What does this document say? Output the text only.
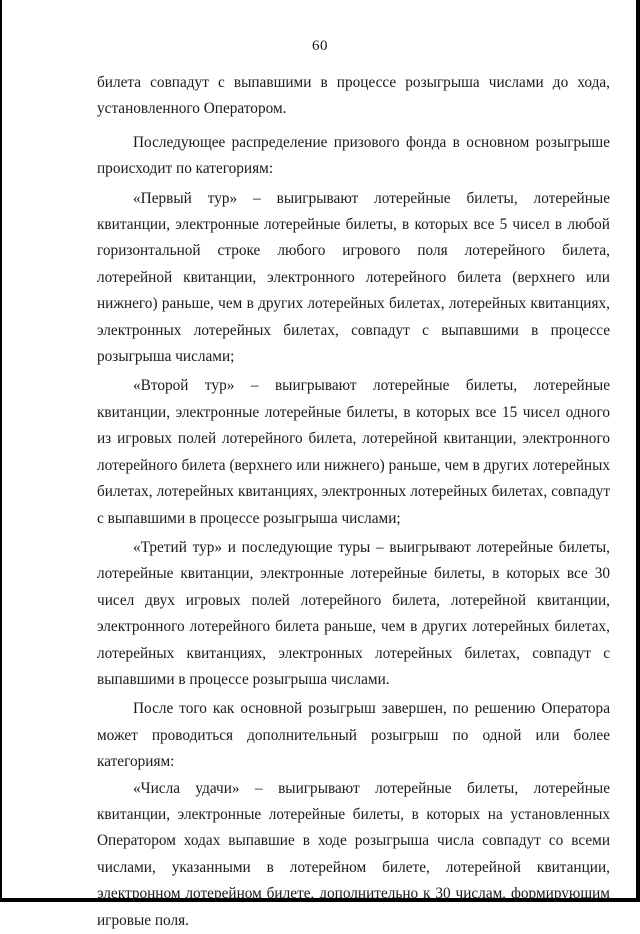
60

билета совпадут с выпавшими в процессе розыгрыша числами до хода, установленного Оператором.

Последующее распределение призового фонда в основном розыгрыше происходит по категориям:

«Первый тур» – выигрывают лотерейные билеты, лотерейные квитанции, электронные лотерейные билеты, в которых все 5 чисел в любой горизонтальной строке любого игрового поля лотерейного билета, лотерейной квитанции, электронного лотерейного билета (верхнего или нижнего) раньше, чем в других лотерейных билетах, лотерейных квитанциях, электронных лотерейных билетах, совпадут с выпавшими в процессе розыгрыша числами;

«Второй тур» – выигрывают лотерейные билеты, лотерейные квитанции, электронные лотерейные билеты, в которых все 15 чисел одного из игровых полей лотерейного билета, лотерейной квитанции, электронного лотерейного билета (верхнего или нижнего) раньше, чем в других лотерейных билетах, лотерейных квитанциях, электронных лотерейных билетах, совпадут с выпавшими в процессе розыгрыша числами;

«Третий тур» и последующие туры – выигрывают лотерейные билеты, лотерейные квитанции, электронные лотерейные билеты, в которых все 30 чисел двух игровых полей лотерейного билета, лотерейной квитанции, электронного лотерейного билета раньше, чем в других лотерейных билетах, лотерейных квитанциях, электронных лотерейных билетах, совпадут с выпавшими в процессе розыгрыша числами.

После того как основной розыгрыш завершен, по решению Оператора может проводиться дополнительный розыгрыш по одной или более категориям:

«Числа удачи» – выигрывают лотерейные билеты, лотерейные квитанции, электронные лотерейные билеты, в которых на установленных Оператором ходах выпавшие в ходе розыгрыша числа совпадут со всеми числами, указанными в лотерейном билете, лотерейной квитанции, электронном лотерейном билете, дополнительно к 30 числам, формирующим игровые поля.
